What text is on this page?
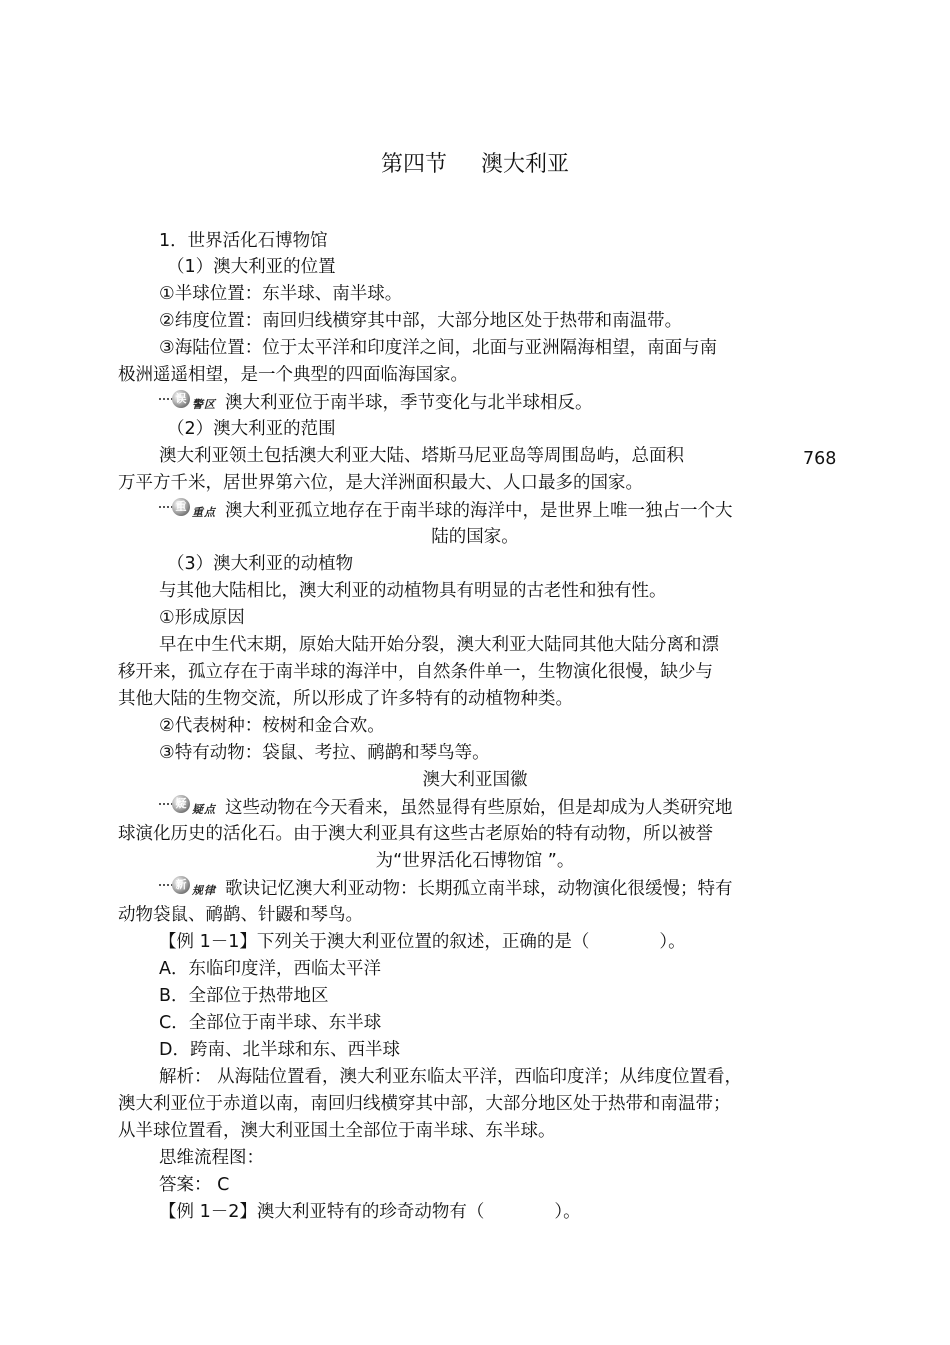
第四节 澳大利亚
1．世界活化石博物馆
（1）澳大利亚的位置
①半球位置：东半球、南半球。
②纬度位置：南回归线横穿其中部，大部分地区处于热带和南温带。
③海陆位置：位于太平洋和印度洋之间，北面与亚洲隔海相望，南面与南
极洲遥遥相望，是一个典型的四面临海国家。
误 警区 澳大利亚位于南半球，季节变化与北半球相反。
（2）澳大利亚的范围
澳大利亚领土包括澳大利亚大陆、塔斯马尼亚岛等周围岛屿，总面积	768
万平方千米，居世界第六位，是大洋洲面积最大、人口最多的国家。
重 重点 澳大利亚孤立地存在于南半球的海洋中，是世界上唯一独占一个大
陆的国家。
（3）澳大利亚的动植物
与其他大陆相比，澳大利亚的动植物具有明显的古老性和独有性。
①形成原因
早在中生代末期，原始大陆开始分裂，澳大利亚大陆同其他大陆分离和漂
移开来，孤立存在于南半球的海洋中，自然条件单一，生物演化很慢，缺少与
其他大陆的生物交流，所以形成了许多特有的动植物种类。
②代表树种：桉树和金合欢。
③特有动物：袋鼠、考拉、鸸鹋和琴鸟等。
澳大利亚国徽
疑 疑点 这些动物在今天看来，虽然显得有些原始，但是却成为人类研究地
球演化历史的活化石。由于澳大利亚具有这些古老原始的特有动物，所以被誉
为“世界活化石博物馆 ”。
新 规律 歌诀记忆澳大利亚动物：长期孤立南半球，动物演化很缓慢；特有
动物袋鼠、鸸鹋、针鼹和琴鸟。
【例 1－1】下列关于澳大利亚位置的叙述，正确的是（　　　　）。
A．东临印度洋，西临太平洋
B．全部位于热带地区
C．全部位于南半球、东半球
D．跨南、北半球和东、西半球
解析： 从海陆位置看，澳大利亚东临太平洋，西临印度洋；从纬度位置看，
澳大利亚位于赤道以南，南回归线横穿其中部，大部分地区处于热带和南温带；
从半球位置看，澳大利亚国土全部位于南半球、东半球。
思维流程图：
答案： C
【例 1－2】澳大利亚特有的珍奇动物有（　　　　）。
